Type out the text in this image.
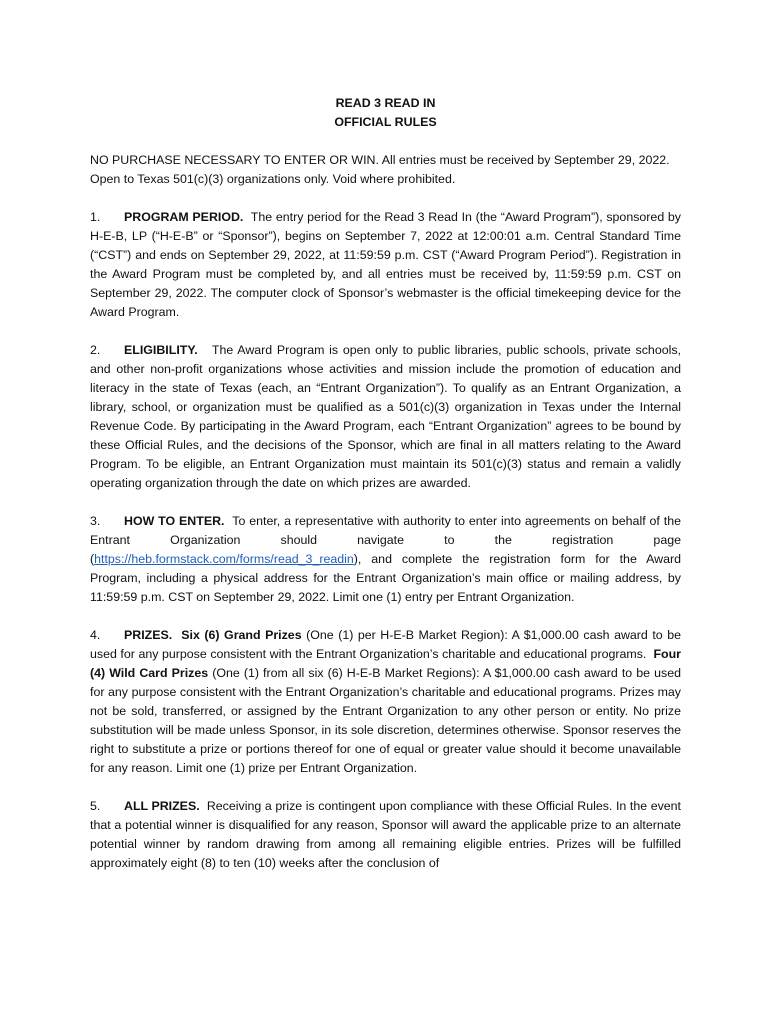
READ 3 READ IN
OFFICIAL RULES

NO PURCHASE NECESSARY TO ENTER OR WIN. All entries must be received by September 29, 2022. Open to Texas 501(c)(3) organizations only. Void where prohibited.

1. PROGRAM PERIOD. The entry period for the Read 3 Read In (the “Award Program”), sponsored by H-E-B, LP (“H-E-B” or “Sponsor”), begins on September 7, 2022 at 12:00:01 a.m. Central Standard Time (“CST”) and ends on September 29, 2022, at 11:59:59 p.m. CST (“Award Program Period”). Registration in the Award Program must be completed by, and all entries must be received by, 11:59:59 p.m. CST on September 29, 2022. The computer clock of Sponsor’s webmaster is the official timekeeping device for the Award Program.

2. ELIGIBILITY. The Award Program is open only to public libraries, public schools, private schools, and other non-profit organizations whose activities and mission include the promotion of education and literacy in the state of Texas (each, an “Entrant Organization”). To qualify as an Entrant Organization, a library, school, or organization must be qualified as a 501(c)(3) organization in Texas under the Internal Revenue Code. By participating in the Award Program, each “Entrant Organization” agrees to be bound by these Official Rules, and the decisions of the Sponsor, which are final in all matters relating to the Award Program. To be eligible, an Entrant Organization must maintain its 501(c)(3) status and remain a validly operating organization through the date on which prizes are awarded.

3. HOW TO ENTER. To enter, a representative with authority to enter into agreements on behalf of the Entrant Organization should navigate to the registration page (https://heb.formstack.com/forms/read_3_readin), and complete the registration form for the Award Program, including a physical address for the Entrant Organization’s main office or mailing address, by 11:59:59 p.m. CST on September 29, 2022. Limit one (1) entry per Entrant Organization.

4. PRIZES. Six (6) Grand Prizes (One (1) per H-E-B Market Region): A $1,000.00 cash award to be used for any purpose consistent with the Entrant Organization’s charitable and educational programs. Four (4) Wild Card Prizes (One (1) from all six (6) H-E-B Market Regions): A $1,000.00 cash award to be used for any purpose consistent with the Entrant Organization’s charitable and educational programs. Prizes may not be sold, transferred, or assigned by the Entrant Organization to any other person or entity. No prize substitution will be made unless Sponsor, in its sole discretion, determines otherwise. Sponsor reserves the right to substitute a prize or portions thereof for one of equal or greater value should it become unavailable for any reason. Limit one (1) prize per Entrant Organization.

5. ALL PRIZES. Receiving a prize is contingent upon compliance with these Official Rules. In the event that a potential winner is disqualified for any reason, Sponsor will award the applicable prize to an alternate potential winner by random drawing from among all remaining eligible entries. Prizes will be fulfilled approximately eight (8) to ten (10) weeks after the conclusion of
